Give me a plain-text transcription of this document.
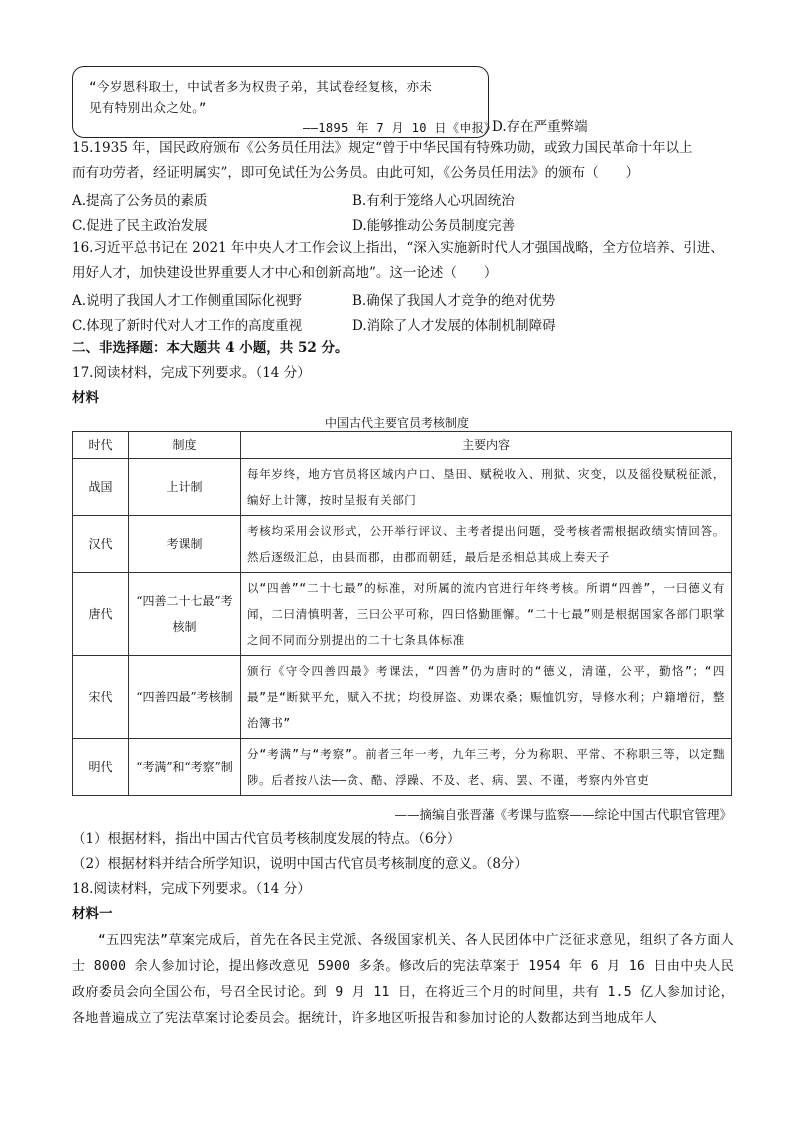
“今岁恩科取士，中试者多为权贵子弟，其试卷经复核，亦未
见有特别出众之处。”
——1895 年 7 月 10 日《申报》
D.存在严重弊端
15.1935 年，国民政府颁布《公务员任用法》规定“曾于中华民国有特殊功勋，或致力国民革命十年以上
而有功劳者，经证明属实”，即可免试任为公务员。由此可知，《公务员任用法》的颁布（　　）
A.提高了公务员的素质	B.有利于笼络人心巩固统治
C.促进了民主政治发展	D.能够推动公务员制度完善
16.习近平总书记在 2021 年中央人才工作会议上指出，“深入实施新时代人才强国战略，全方位培养、引进、
用好人才，加快建设世界重要人才中心和创新高地”。这一论述（　　）
A.说明了我国人才工作侧重国际化视野	B.确保了我国人才竞争的绝对优势
C.体现了新时代对人才工作的高度重视	D.消除了人才发展的体制机制障碍
二、非选择题：本大题共 4 小题，共 52 分。
17.阅读材料，完成下列要求。（14 分）
材料
中国古代主要官员考核制度
时代	制度	主要内容
战国	上计制	每年岁终，地方官员将区域内户口、垦田、赋税收入、刑狱、灾变，以及徭役赋税征派，编好上计簿，按时呈报有关部门
汉代	考课制	考核均采用会议形式，公开举行评议、主考者提出问题，受考核者需根据政绩实情回答。然后逐级汇总，由县而郡，由郡而朝廷，最后是丞相总其成上奏天子
唐代	“四善二十七最”考核制	以“四善”“二十七最”的标准，对所属的流内官进行年终考核。所谓“四善”，一曰德义有闻，二曰清慎明著，三曰公平可称，四曰恪勤匪懈。“二十七最”则是根据国家各部门职掌之间不同而分别提出的二十七条具体标准
宋代	“四善四最”考核制	颁行《守令四善四最》考课法，“四善”仍为唐时的“德义，清谨，公平，勤恪”；“四最”是“断狱平允，赋入不扰；均役屏盗、劝课农桑；赈恤饥穷，导修水利；户籍增衍，整治簿书”
明代	“考满”和“考察”制	分“考满”与“考察”。前者三年一考，九年三考，分为称职、平常、不称职三等，以定黜陟。后者按八法——贪、酷、浮躁、不及、老、病、罢、不谨，考察内外官吏
——摘编自张晋藩《考课与监察——综论中国古代职官管理》
（1）根据材料，指出中国古代官员考核制度发展的特点。（6分）
（2）根据材料并结合所学知识，说明中国古代官员考核制度的意义。（8分）
18.阅读材料，完成下列要求。（14 分）
材料一
“五四宪法”草案完成后，首先在各民主党派、各级国家机关、各人民团体中广泛征求意见，组织了各方面人士 8000 余人参加讨论，提出修改意见 5900 多条。修改后的宪法草案于 1954 年 6 月 16 日由中央人民政府委员会向全国公布，号召全民讨论。到 9 月 11 日，在将近三个月的时间里，共有 1.5 亿人参加讨论，各地普遍成立了宪法草案讨论委员会。据统计，许多地区听报告和参加讨论的人数都达到当地成年人
